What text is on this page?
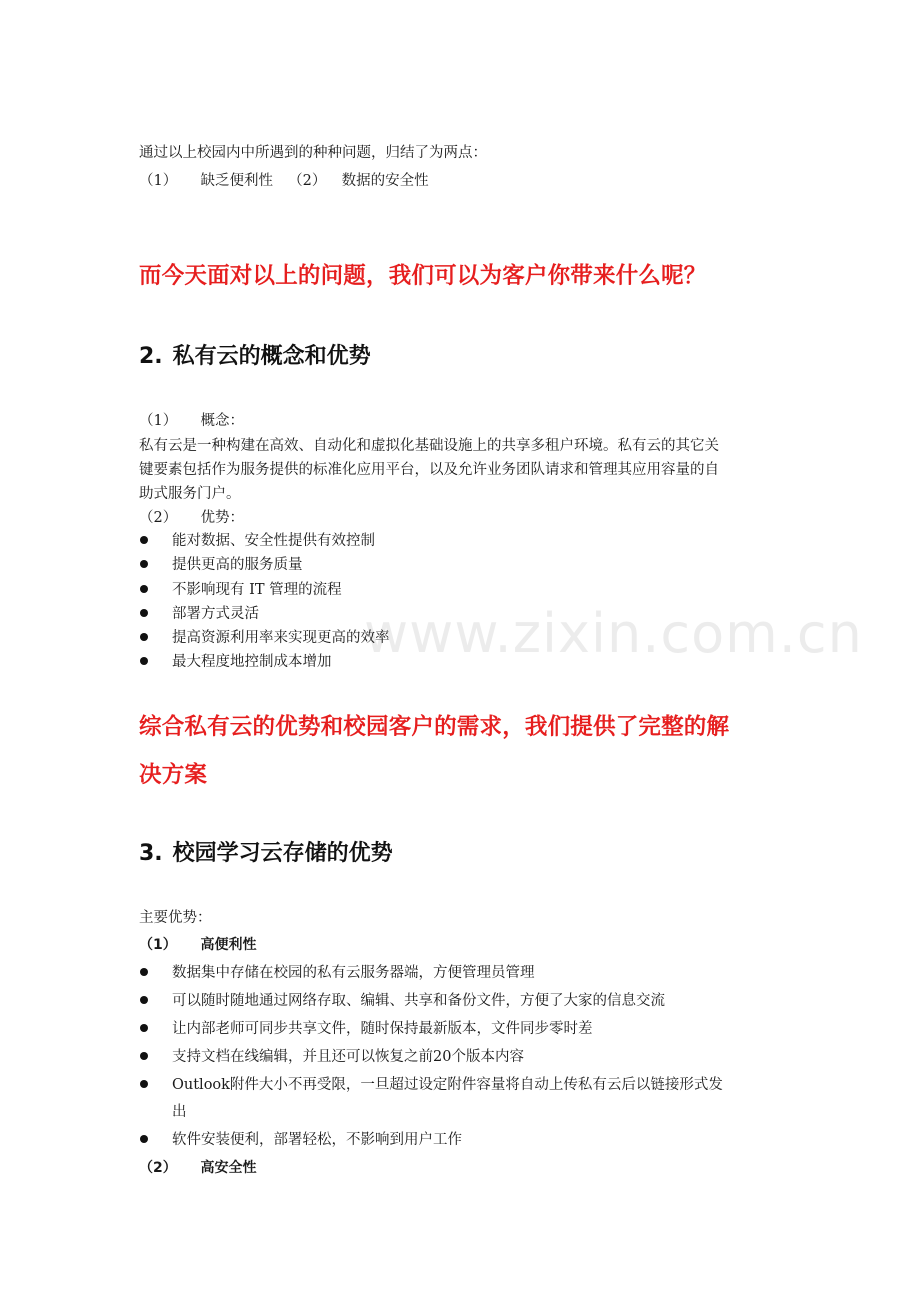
www.zixin.com.cn
通过以上校园内中所遇到的种种问题，归结了为两点：
（1） 缺乏便利性 （2） 数据的安全性
而今天面对以上的问题，我们可以为客户你带来什么呢？
2. 私有云的概念和优势
（1） 概念：
私有云是一种构建在高效、自动化和虚拟化基础设施上的共享多租户环境。私有云的其它关
键要素包括作为服务提供的标准化应用平台，以及允许业务团队请求和管理其应用容量的自
助式服务门户。
（2） 优势：
能对数据、安全性提供有效控制
提供更高的服务质量
不影响现有 IT 管理的流程
部署方式灵活
提高资源利用率来实现更高的效率
最大程度地控制成本增加
综合私有云的优势和校园客户的需求，我们提供了完整的解
决方案
3. 校园学习云存储的优势
主要优势：
（1） 高便利性
数据集中存储在校园的私有云服务器端，方便管理员管理
可以随时随地通过网络存取、编辑、共享和备份文件，方便了大家的信息交流
让内部老师可同步共享文件，随时保持最新版本，文件同步零时差
支持文档在线编辑，并且还可以恢复之前20个版本内容
Outlook附件大小不再受限，一旦超过设定附件容量将自动上传私有云后以链接形式发
出
软件安装便利，部署轻松，不影响到用户工作
（2） 高安全性
